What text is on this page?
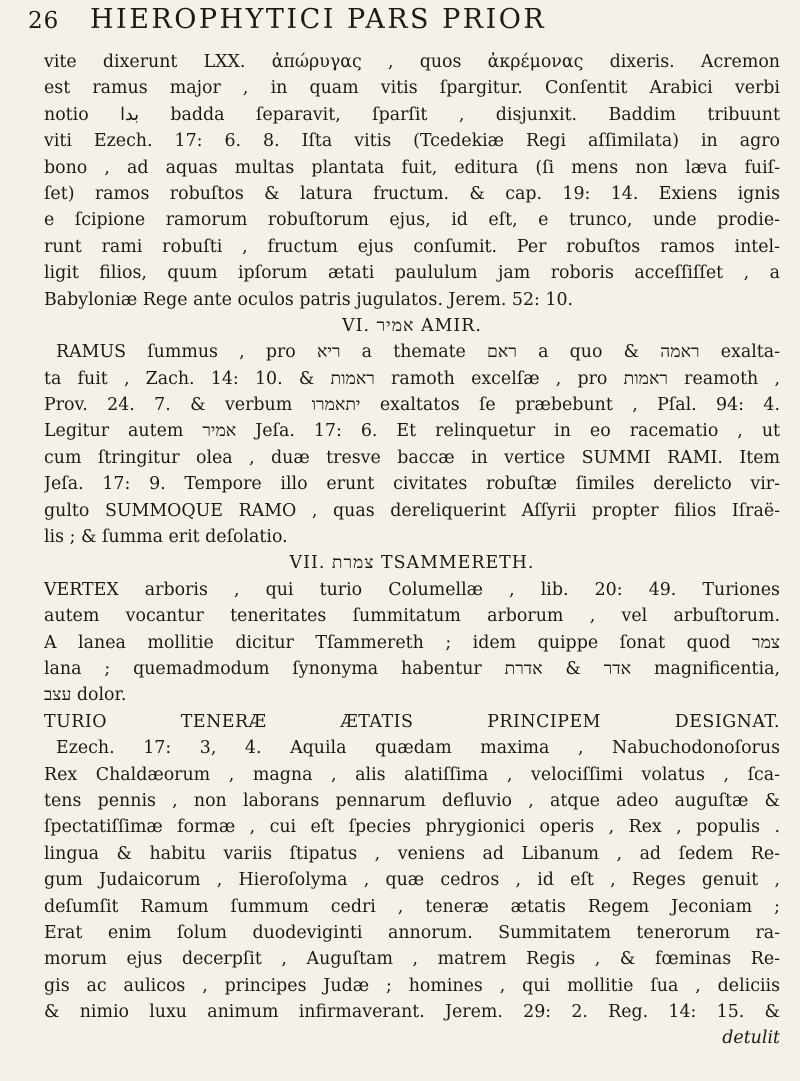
26	HIEROPHYTICI PARS PRIOR
vite dixerunt LXX. ἀπώρυγας , quos ἀκρέμονας dixeris. Acremon
est ramus major , in quam vitis ſpargitur. Conſentit Arabici verbi
notio بدا badda ſeparavit, ſparſit , disjunxit. Baddim tribuunt
viti Ezech. 17: 6. 8. Iſta vitis (Tcedekiæ Regi aſſimilata) in agro
bono , ad aquas multas plantata fuit, editura (ſi mens non læva fuiſ-
ſet) ramos robuſtos & latura fructum. & cap. 19: 14. Exiens ignis
e ſcipione ramorum robuſtorum ejus, id eſt, e trunco, unde prodie-
runt rami robuſti , fructum ejus conſumit. Per robuſtos ramos intel-
ligit filios, quum ipſorum ætati paululum jam roboris acceſſiſſet , a
Babyloniæ Rege ante oculos patris jugulatos. Jerem. 52: 10.
VI. אמיר AMIR.
RAMUS ſummus , pro ריא a themate ראם a quo & ראמה exalta-
ta fuit , Zach. 14: 10. & ראמות ramoth excelſæ , pro ראמות reamoth ,
Prov. 24. 7. & verbum יתאמרו exaltatos ſe præbebunt , Pſal. 94: 4.
Legitur autem אמיר Jeſa. 17: 6. Et relinquetur in eo racematio , ut
cum ſtringitur olea , duæ tresve baccæ in vertice SUMMI RAMI. Item
Jeſa. 17: 9. Tempore illo erunt civitates robuſtæ ſimiles derelicto vir-
gulto SUMMOQUE RAMO , quas dereliquerint Aſſyrii propter filios Iſraë-
lis ; & ſumma erit deſolatio.
VII. צמרת TSAMMERETH.
VERTEX arboris , qui turio Columellæ , lib. 20: 49. Turiones
autem vocantur teneritates ſummitatum arborum , vel arbuſtorum.
A lanea mollitie dicitur Tſammereth ; idem quippe ſonat quod צמר
lana ; quemadmodum ſynonyma habentur אדר & אדרת magnificentia,
עצב dolor.
TURIO TENERÆ ÆTATIS PRINCIPEM DESIGNAT.
Ezech. 17: 3, 4. Aquila quædam maxima , Nabuchodonoſorus
Rex Chaldæorum , magna , alis alatiſſima , velociſſimi volatus , ſca-
tens pennis , non laborans pennarum defluvio , atque adeo auguſtæ &
ſpectatiſſimæ formæ , cui eſt ſpecies phrygionici operis , Rex , populis .
lingua & habitu variis ſtipatus , veniens ad Libanum , ad ſedem Re-
gum Judaicorum , Hieroſolyma , quæ cedros , id eſt , Reges genuit ,
deſumſit Ramum ſummum cedri , teneræ ætatis Regem Jeconiam ;
Erat enim ſolum duodeviginti annorum. Summitatem tenerorum ra-
morum ejus decerpſit , Auguſtam , matrem Regis , & fœminas Re-
gis ac aulicos , principes Judæ ; homines , qui mollitie ſua , deliciis
& nimio luxu animum infirmaverant. Jerem. 29: 2. Reg. 14: 15. &
detulit
